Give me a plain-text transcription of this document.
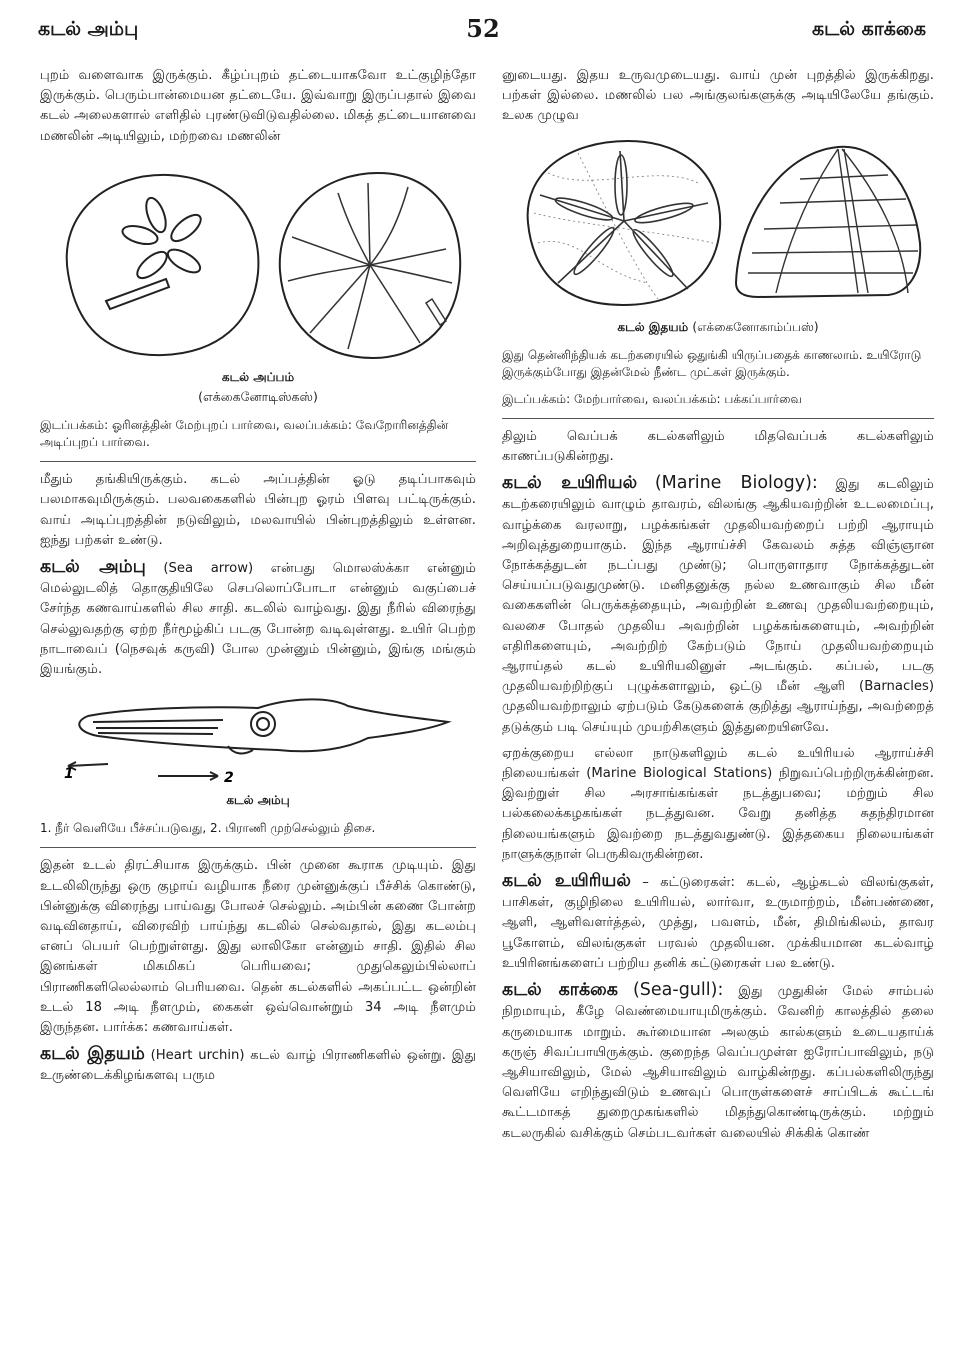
கடல் அம்பு	52	கடல் காக்கை

புறம் வளைவாக இருக்கும். கீழ்ப்புறம் தட்டையாகவோ உட்குழிந்தோ இருக்கும். பெரும்பான்மையன தட்டையே. இவ்வாறு இருப்பதால் இவை கடல் அலைகளால் எளிதில் புரண்டுவிடுவதில்லை. மிகத் தட்டையானவை மணலின் அடியிலும், மற்றவை மணலின்

கடல் அப்பம்
(எக்கைனோடிஸ்கஸ்)
இடப்பக்கம்: ஓரினத்தின் மேற்புறப் பார்வை, வலப்பக்கம்: வேறோரினத்தின் அடிப்புறப் பார்வை.

மீதும் தங்கியிருக்கும். கடல் அப்பத்தின் ஓடு தடிப்பாகவும் பலமாகவுமிருக்கும். பலவகைகளில் பின்புற ஓரம் பிளவு பட்டிருக்கும். வாய் அடிப்புறத்தின் நடுவிலும், மலவாயில் பின்புறத்திலும் உள்ளன. ஐந்து பற்கள் உண்டு.

கடல் அம்பு (Sea arrow) என்பது மொலஸ்க்கா என்னும் மெல்லுடலித் தொகுதியிலே செபலொப்போடா என்னும் வகுப்பைச் சேர்ந்த கணவாய்களில் சில சாதி. கடலில் வாழ்வது. இது நீரில் விரைந்து செல்லுவதற்கு ஏற்ற நீர்மூழ்கிப் படகு போன்ற வடிவுள்ளது. உயிர் பெற்ற நாடாவைப் (நெசவுக் கருவி) போல முன்னும் பின்னும், இங்கு மங்கும் இயங்கும்.

1	2
கடல் அம்பு
1. நீர் வெளியே பீச்சப்படுவது, 2. பிராணி முற்செல்லும் திசை.

இதன் உடல் திரட்சியாக இருக்கும். பின் முனை கூராக முடியும். இது உடலிலிருந்து ஒரு குழாய் வழியாக நீரை முன்னுக்குப் பீச்சிக் கொண்டு, பின்னுக்கு விரைந்து பாய்வது போலச் செல்லும். அம்பின் கணை போன்ற வடிவினதாய், விரைவிற் பாய்ந்து கடலில் செல்வதால், இது கடலம்பு எனப் பெயர் பெற்றுள்ளது. இது லாலிகோ என்னும் சாதி. இதில் சில இனங்கள் மிகமிகப் பெரியவை; முதுகெலும்பில்லாப் பிராணிகளிலெல்லாம் பெரியவை. தென் கடல்களில் அகப்பட்ட ஒன்றின் உடல் 18 அடி நீளமும், கைகள் ஒவ்வொன்றும் 34 அடி நீளமும் இருந்தன. பார்க்க: கணவாய்கள்.

கடல் இதயம் (Heart urchin) கடல் வாழ் பிராணிகளில் ஒன்று. இது உருண்டைக்கிழங்களவு பரும

னுடையது. இதய உருவமுடையது. வாய் முன் புறத்தில் இருக்கிறது. பற்கள் இல்லை. மணலில் பல அங்குலங்களுக்கு அடியிலேயே தங்கும். உலக முழுவ

கடல் இதயம் (எக்கைனோகாம்ப்பஸ்)
இது தென்னிந்தியக் கடற்கரையில் ஒதுங்கி யிருப்பதைக் காணலாம். உயிரோடு இருக்கும்போது இதன்மேல் நீண்ட முட்கள் இருக்கும்.
இடப்பக்கம்: மேற்பார்வை, வலப்பக்கம்: பக்கப்பார்வை

திலும் வெப்பக் கடல்களிலும் மிதவெப்பக் கடல்களிலும் காணப்படுகின்றது.

கடல் உயிரியல் (Marine Biology): இது கடலிலும் கடற்கரையிலும் வாழும் தாவரம், விலங்கு ஆகியவற்றின் உடலமைப்பு, வாழ்க்கை வரலாறு, பழக்கங்கள் முதலியவற்றைப் பற்றி ஆராயும் அறிவுத்துறையாகும். இந்த ஆராய்ச்சி கேவலம் சுத்த விஞ்ஞான நோக்கத்துடன் நடப்பது முண்டு; பொருளாதார நோக்கத்துடன் செய்யப்படுவதுமுண்டு. மனிதனுக்கு நல்ல உணவாகும் சில மீன் வகைகளின் பெருக்கத்தையும், அவற்றின் உணவு முதலியவற்றையும், வலசை போதல் முதலிய அவற்றின் பழக்கங்களையும், அவற்றின் எதிரிகளையும், அவற்றிற் கேற்படும் நோய் முதலியவற்றையும் ஆராய்தல் கடல் உயிரியலினுள் அடங்கும். கப்பல், படகு முதலியவற்றிற்குப் புழுக்களாலும், ஒட்டு மீன் ஆளி (Barnacles) முதலியவற்றாலும் ஏற்படும் கேடுகளைக் குறித்து ஆராய்ந்து, அவற்றைத் தடுக்கும் படி செய்யும் முயற்சிகளும் இத்துறையினவே.

ஏறக்குறைய எல்லா நாடுகளிலும் கடல் உயிரியல் ஆராய்ச்சி நிலையங்கள் (Marine Biological Stations) நிறுவப்பெற்றிருக்கின்றன. இவற்றுள் சில அரசாங்கங்கள் நடத்துபவை; மற்றும் சில பல்கலைக்கழகங்கள் நடத்துவன. வேறு தனித்த சுதந்திரமான நிலையங்களும் இவற்றை நடத்துவதுண்டு. இத்தகைய நிலையங்கள் நாளுக்குநாள் பெருகிவருகின்றன.

கடல் உயிரியல் – கட்டுரைகள்: கடல், ஆழ்கடல் விலங்குகள், பாசிகள், குழிநிலை உயிரியல், லார்வா, உருமாற்றம், மீன்பண்ணை, ஆளி, ஆளிவளர்த்தல், முத்து, பவளம், மீன், திமிங்கிலம், தாவர பூகோளம், விலங்குகள் பரவல் முதலியன. முக்கியமான கடல்வாழ் உயிரினங்களைப் பற்றிய தனிக் கட்டுரைகள் பல உண்டு.

கடல் காக்கை (Sea-gull): இது முதுகின் மேல் சாம்பல் நிறமாயும், கீழே வெண்மையாயுமிருக்கும். வேனிற் காலத்தில் தலை கருமையாக மாறும். கூர்மையான அலகும் கால்களும் உடையதாய்க் கருஞ் சிவப்பாயிருக்கும். குறைந்த வெப்பமுள்ள ஐரோப்பாவிலும், நடு ஆசியாவிலும், மேல் ஆசியாவிலும் வாழ்கின்றது. கப்பல்களிலிருந்து வெளியே எறிந்துவிடும் உணவுப் பொருள்களைச் சாப்பிடக் கூட்டங் கூட்டமாகத் துறைமுகங்களில் மிதந்துகொண்டிருக்கும். மற்றும் கடலருகில் வசிக்கும் செம்படவர்கள் வலையில் சிக்கிக் கொண்
